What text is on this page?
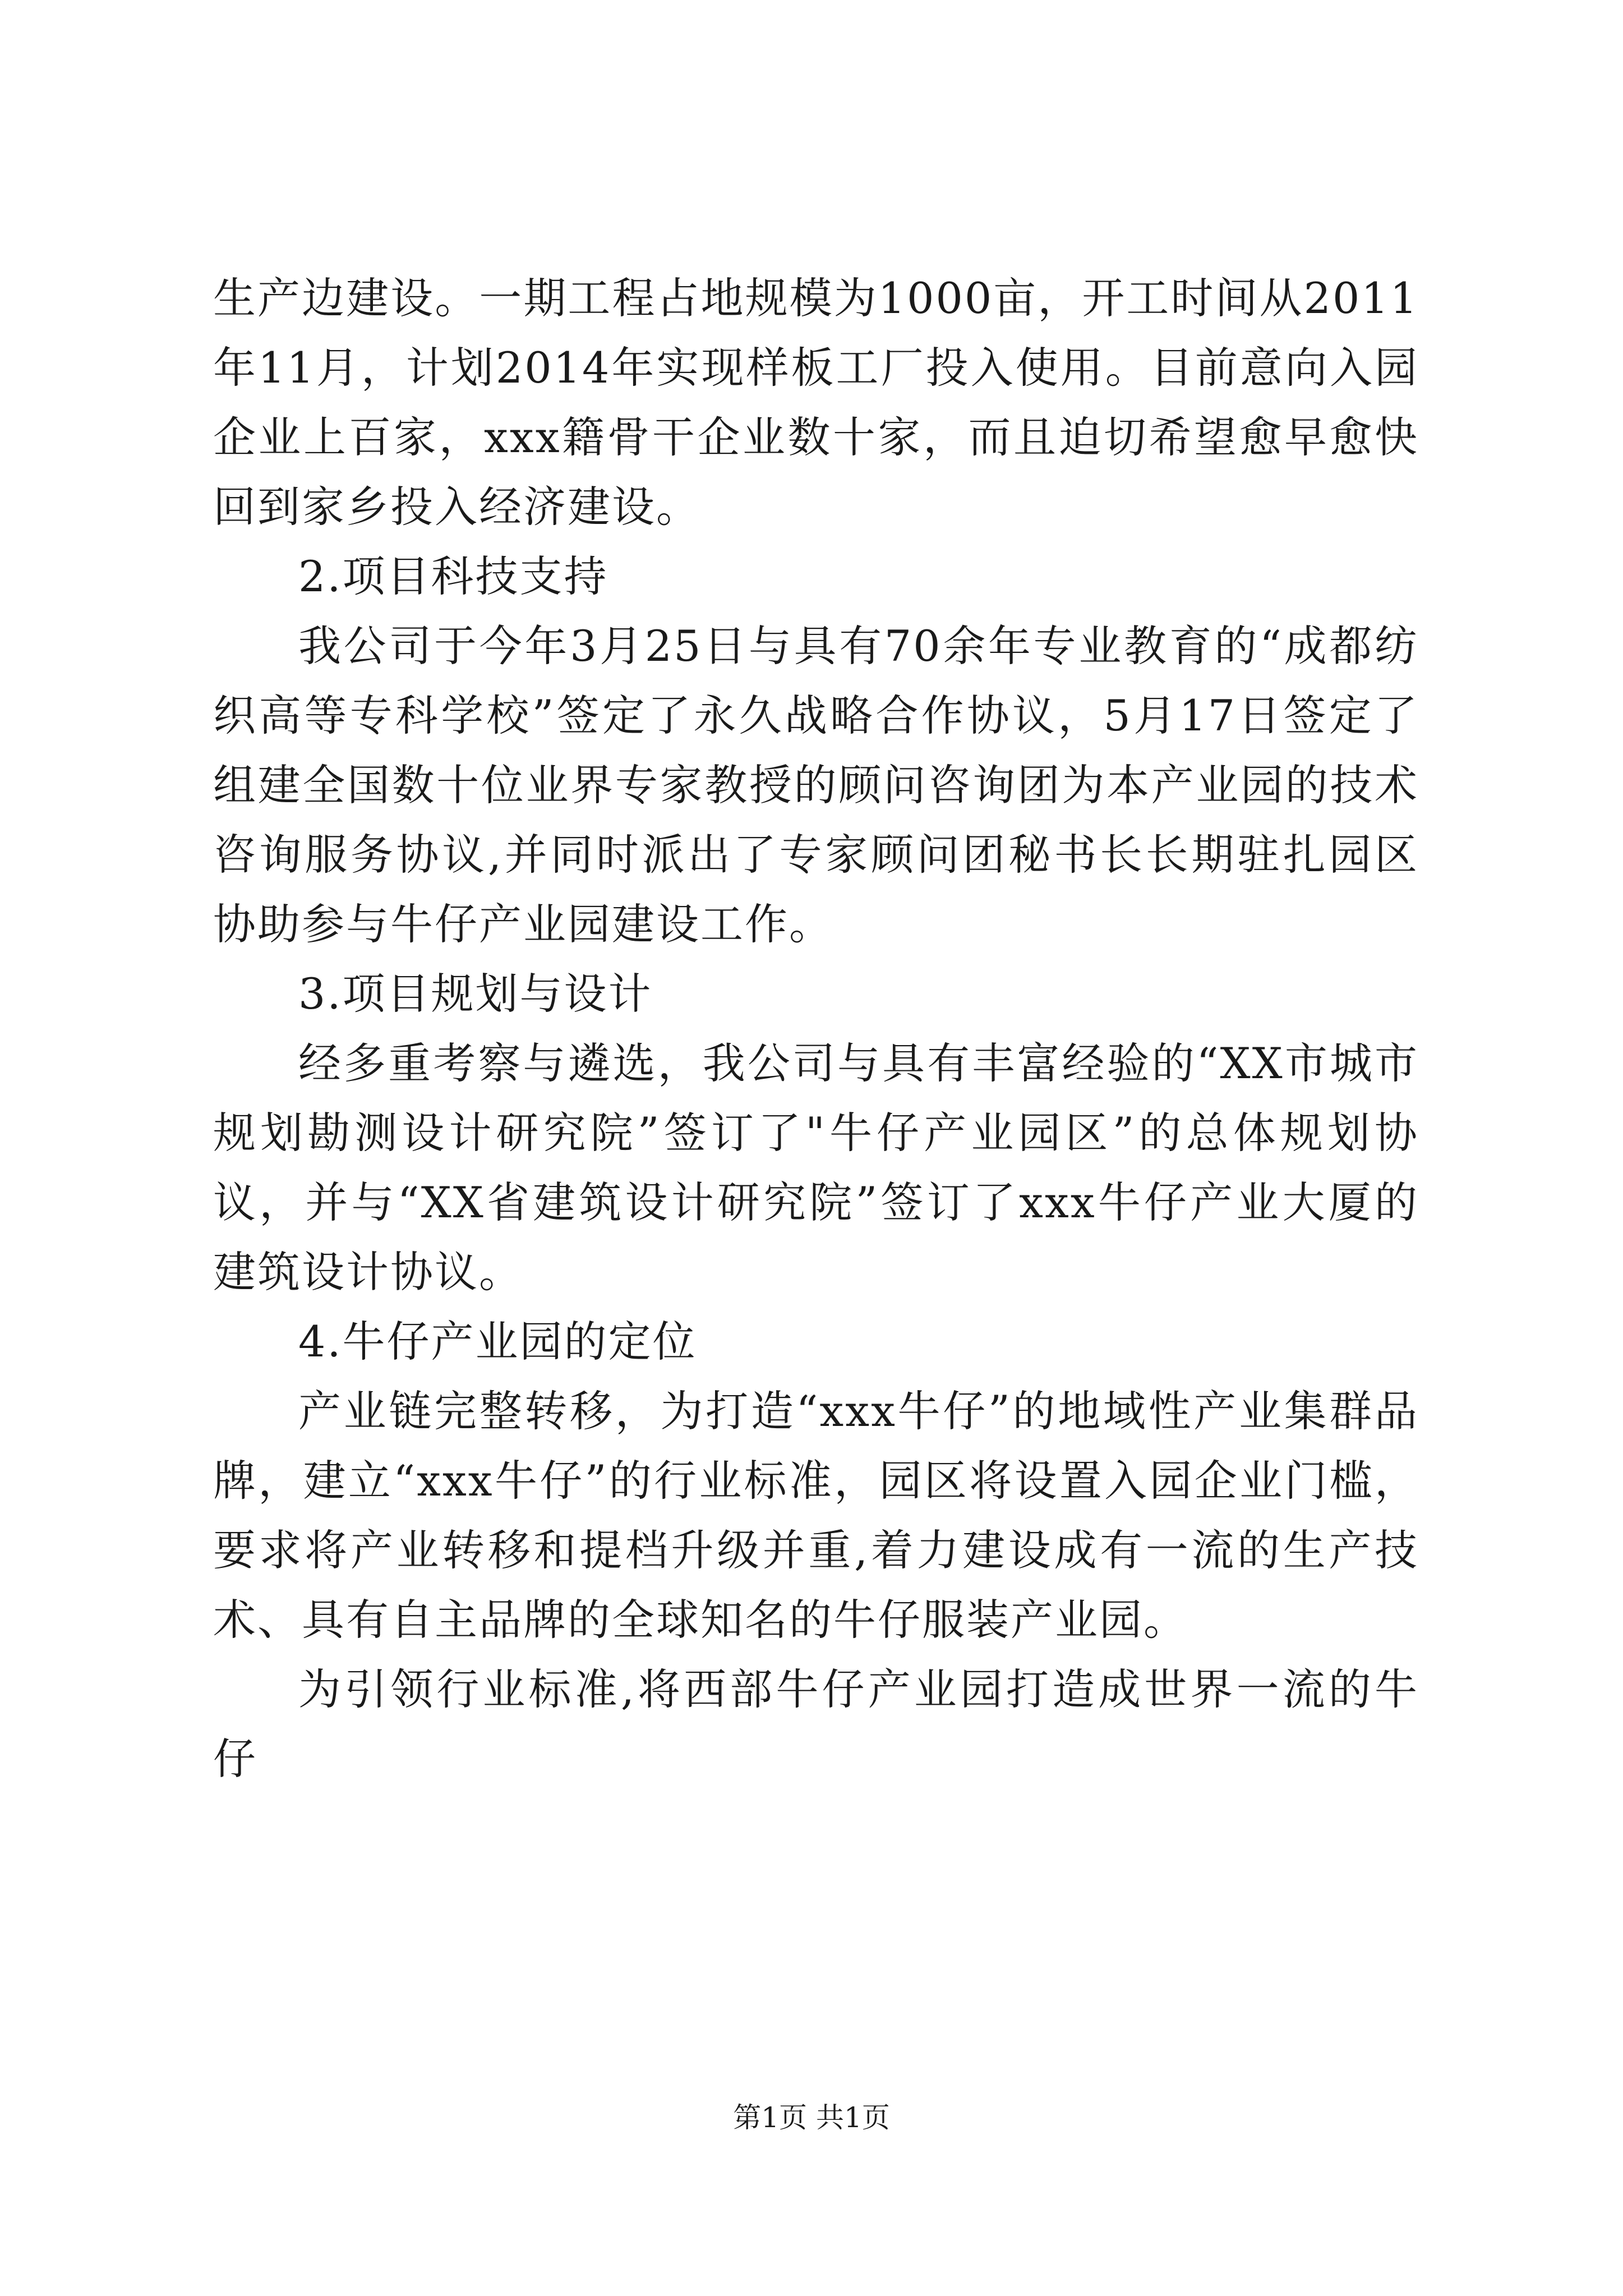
生产边建设。一期工程占地规模为1000亩，开工时间从2011年11月，计划2014年实现样板工厂投入使用。目前意向入园企业上百家，xxx籍骨干企业数十家，而且迫切希望愈早愈快回到家乡投入经济建设。

2.项目科技支持

我公司于今年3月25日与具有70余年专业教育的“成都纺织高等专科学校”签定了永久战略合作协议，5月17日签定了组建全国数十位业界专家教授的顾问咨询团为本产业园的技术咨询服务协议,并同时派出了专家顾问团秘书长长期驻扎园区协助参与牛仔产业园建设工作。

3.项目规划与设计

经多重考察与遴选，我公司与具有丰富经验的“XX市城市规划勘测设计研究院”签订了"牛仔产业园区”的总体规划协议，并与“XX省建筑设计研究院”签订了xxx牛仔产业大厦的建筑设计协议。

4.牛仔产业园的定位

产业链完整转移，为打造“xxx牛仔”的地域性产业集群品牌，建立“xxx牛仔”的行业标准，园区将设置入园企业门槛，要求将产业转移和提档升级并重,着力建设成有一流的生产技术、具有自主品牌的全球知名的牛仔服装产业园。

为引领行业标准,将西部牛仔产业园打造成世界一流的牛仔

第1页 共1页
